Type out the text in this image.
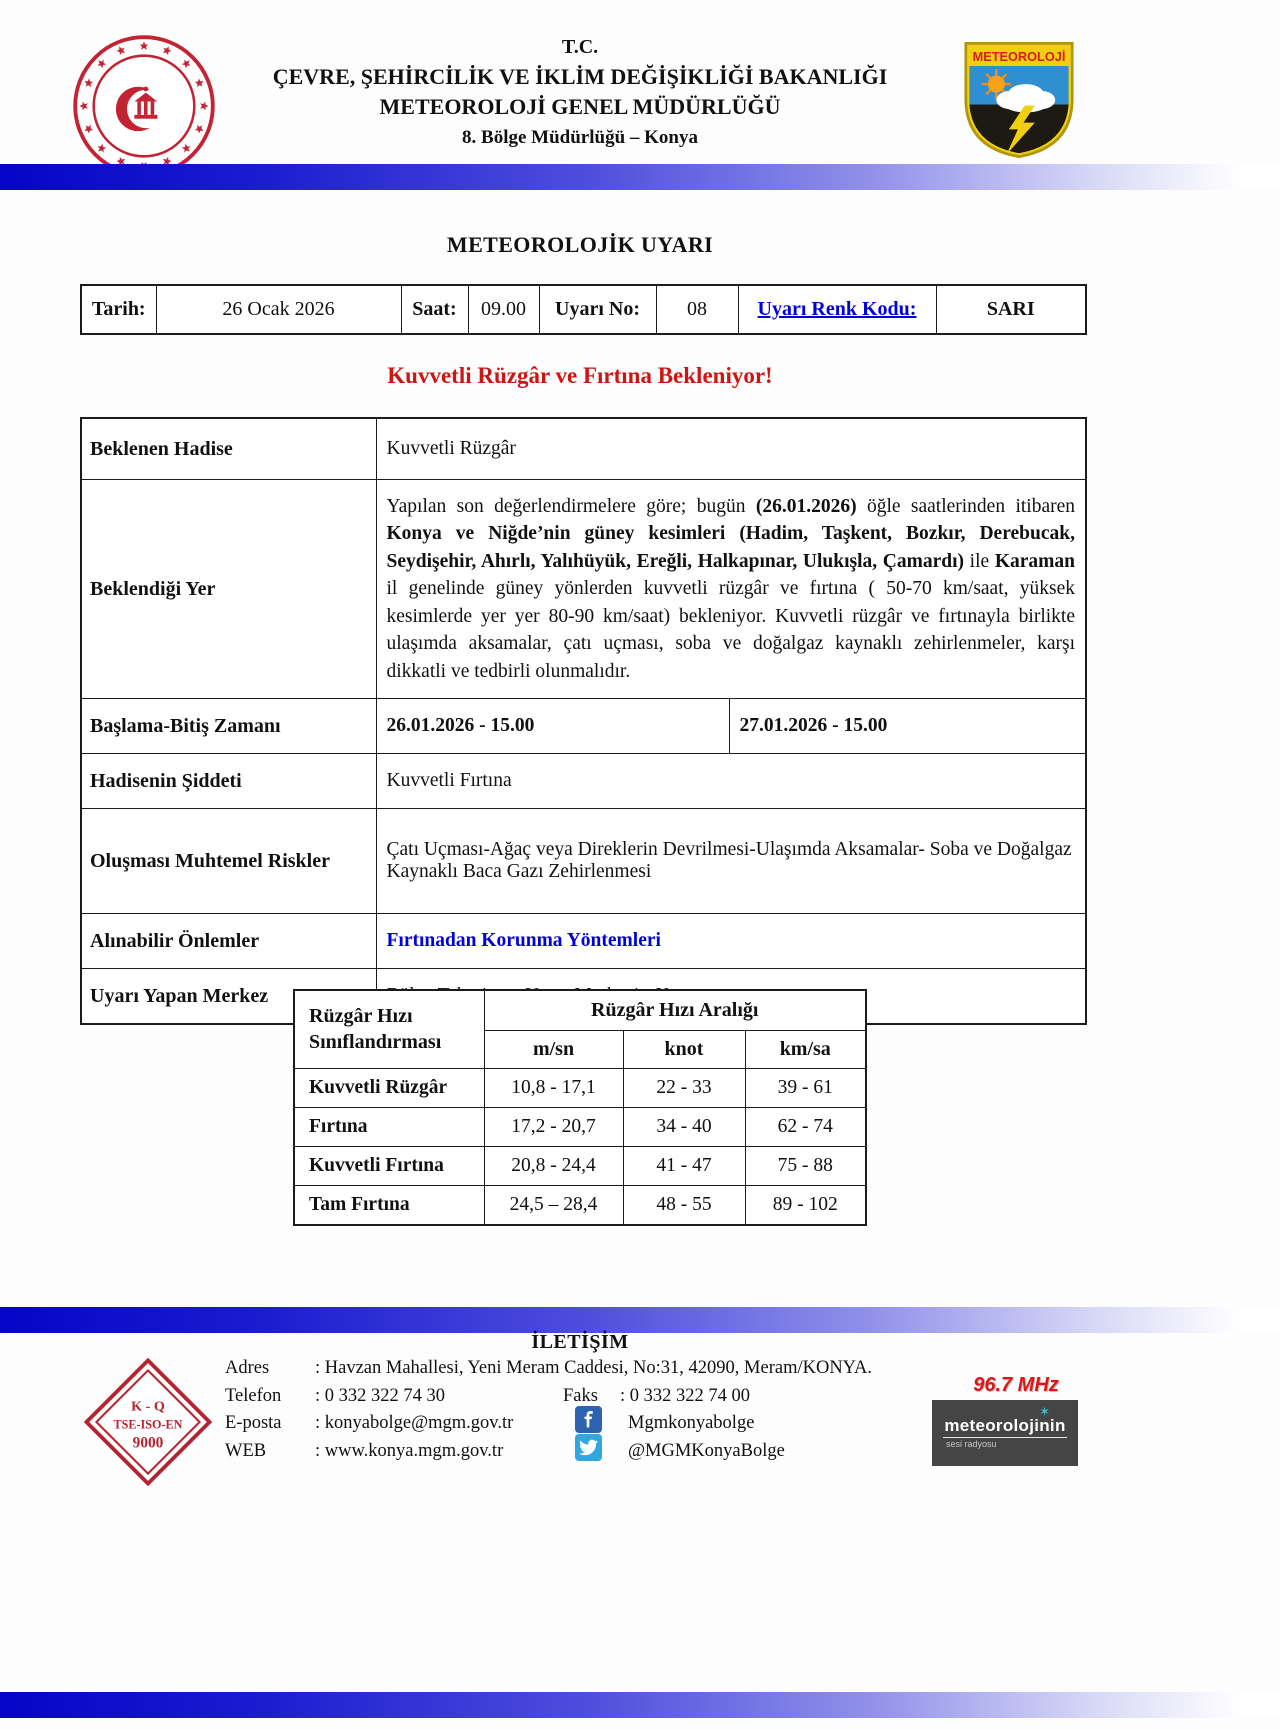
T.C.
ÇEVRE, ŞEHİRCİLİK VE İKLİM DEĞİŞİKLİĞİ BAKANLIĞI
METEOROLOJİ GENEL MÜDÜRLÜĞÜ
8. Bölge Müdürlüğü – Konya
METEOROLOJİ
METEOROLOJİK UYARI
Tarih:	26 Ocak 2026	Saat:	09.00	Uyarı No:	08	Uyarı Renk Kodu:	SARI
Kuvvetli Rüzgâr ve Fırtına Bekleniyor!
Beklenen Hadise	Kuvvetli Rüzgâr	
Beklendiği Yer	Yapılan son değerlendirmelere göre; bugün (26.01.2026) öğle saatlerinden itibaren Konya ve Niğde’nin güney kesimleri (Hadim, Taşkent, Bozkır, Derebucak, Seydişehir, Ahırlı, Yalıhüyük, Ereğli, Halkapınar, Ulukışla, Çamardı) ile Karaman il genelinde güney yönlerden kuvvetli rüzgâr ve fırtına ( 50-70 km/saat, yüksek kesimlerde yer yer 80-90 km/saat) bekleniyor. Kuvvetli rüzgâr ve fırtınayla birlikte ulaşımda aksamalar, çatı uçması, soba ve doğalgaz kaynaklı zehirlenmeler, karşı dikkatli ve tedbirli olunmalıdır.	
Başlama-Bitiş Zamanı	26.01.2026 - 15.00	27.01.2026 - 15.00
Hadisenin Şiddeti	Kuvvetli Fırtına	
Oluşması Muhtemel Riskler	Çatı Uçması-Ağaç veya Direklerin Devrilmesi-Ulaşımda Aksamalar- Soba ve Doğalgaz Kaynaklı Baca Gazı Zehirlenmesi	
Alınabilir Önlemler	Fırtınadan Korunma Yöntemleri	
Uyarı Yapan Merkez	
Rüzgâr Hızı Sınıflandırması	Rüzgâr Hızı Aralığı		
	m/sn	knot	km/sa
Kuvvetli Rüzgâr	10,8 - 17,1	22 - 33	39 - 61
Fırtına	17,2 - 20,7	34 - 40	62 - 74
Kuvvetli Fırtına	20,8 - 24,4	41 - 47	75 - 88
Tam Fırtına	24,5 – 28,4	48 - 55	89 - 102
İLETİŞİM
Adres : Havzan Mahallesi, Yeni Meram Caddesi, No:31, 42090, Meram/KONYA.
Telefon : 0 332 322 74 30	Faks : 0 332 322 74 00
E-posta : konyabolge@mgm.gov.tr	Mgmkonyabolge
WEB	: www.konya.mgm.gov.tr	@MGMKonyaBolge
K - Q
TSE-ISO-EN
9000
96.7 MHz
✶
meteorolojinin
sesi radyosu
